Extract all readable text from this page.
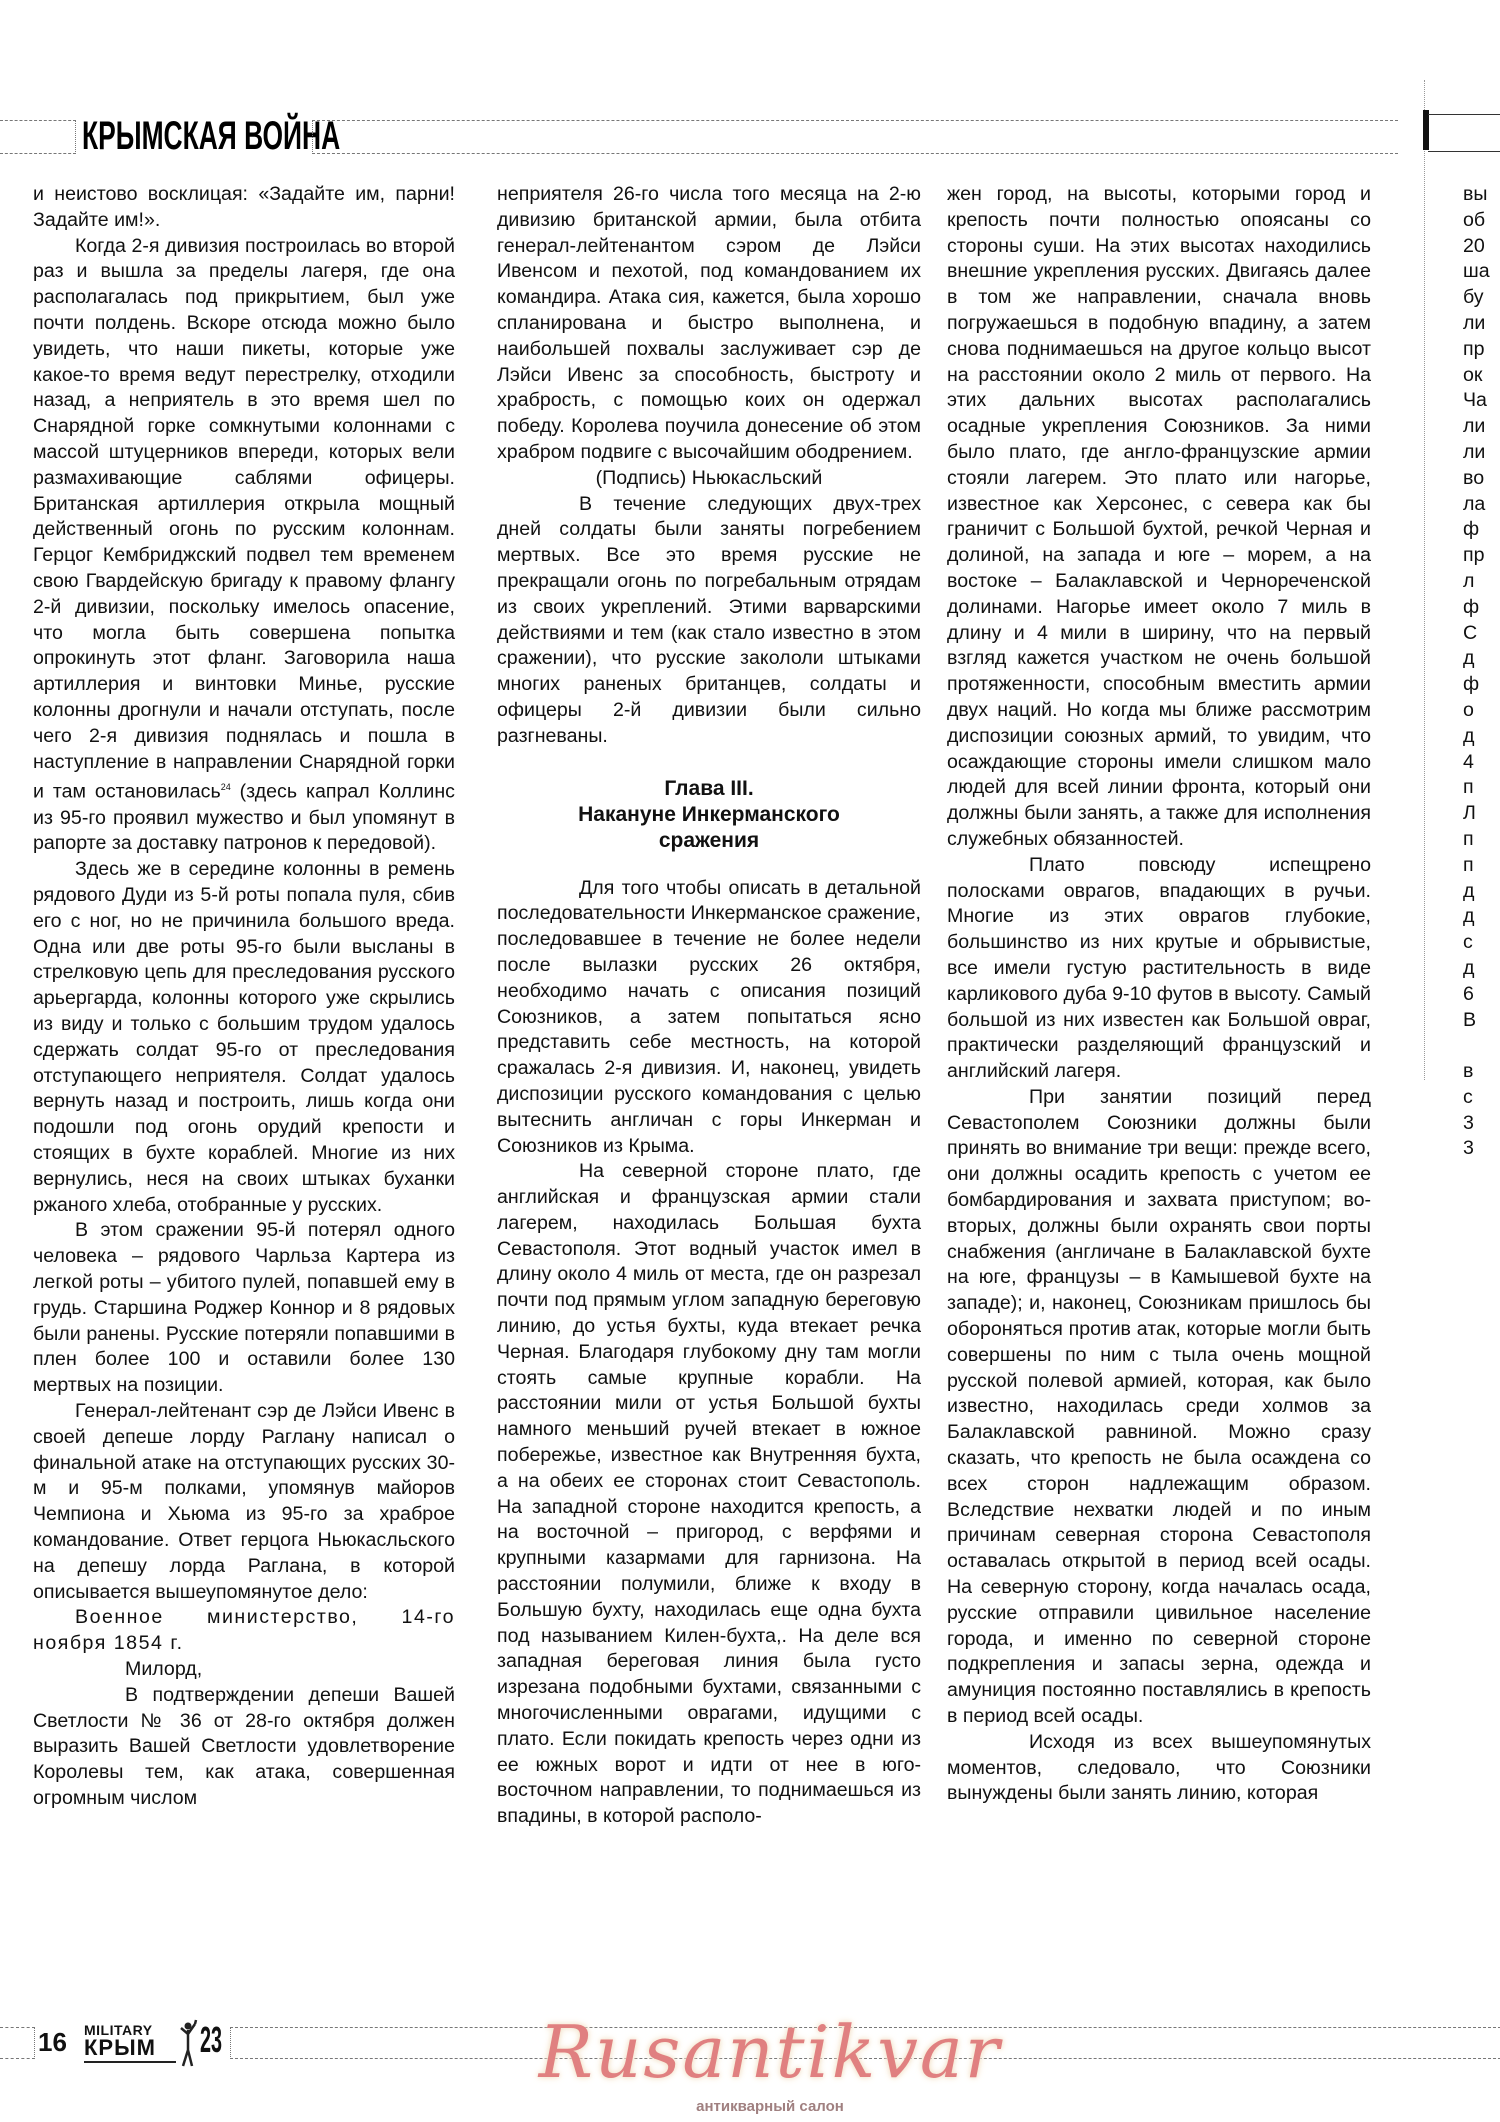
КРЫМСКАЯ ВОЙНА

и неистово восклицая: «Задайте им, парни! Задайте им!».

Когда 2-я дивизия построилась во второй раз и вышла за пределы лагеря, где она располагалась под прикрытием, был уже почти полдень. Вскоре отсюда можно было увидеть, что наши пикеты, которые уже какое-то время ведут перестрелку, отходили назад, а неприятель в это время шел по Снарядной горке сомкнутыми колоннами с массой штуцерников впереди, которых вели размахивающие саблями офицеры. Британская артиллерия открыла мощный действенный огонь по русским колоннам. Герцог Кембриджский подвел тем временем свою Гвардейскую бригаду к правому флангу 2-й дивизии, поскольку имелось опасение, что могла быть совершена попытка опрокинуть этот фланг. Заговорила наша артиллерия и винтовки Минье, русские колонны дрогнули и начали отступать, после чего 2-я дивизия поднялась и пошла в наступление в направлении Снарядной горки и там остановилась$^{24}$ (здесь капрал Коллинс из 95-го проявил мужество и был упомянут в рапорте за доставку патронов к передовой).

Здесь же в середине колонны в ремень рядового Дуди из 5-й роты попала пуля, сбив его с ног, но не причинила большого вреда. Одна или две роты 95-го были высланы в стрелковую цепь для преследования русского арьергарда, колонны которого уже скрылись из виду и только с большим трудом удалось сдержать солдат 95-го от преследования отступающего неприятеля. Солдат удалось вернуть назад и построить, лишь когда они подошли под огонь орудий крепости и стоящих в бухте кораблей. Многие из них вернулись, неся на своих штыках буханки ржаного хлеба, отобранные у русских.

В этом сражении 95-й потерял одного человека – рядового Чарльза Картера из легкой роты – убитого пулей, попавшей ему в грудь. Старшина Роджер Коннор и 8 рядовых были ранены. Русские потеряли попавшими в плен более 100 и оставили более 130 мертвых на позиции.

Генерал-лейтенант сэр де Лэйси Ивенс в своей депеше лорду Раглану написал о финальной атаке на отступающих русских 30-м и 95-м полками, упомянув майоров Чемпиона и Хьюма из 95-го за храброе командование. Ответ герцога Ньюкасльского на депешу лорда Раглана, в которой описывается вышеупомянутое дело:

Военное министерство, 14-го ноября 1854 г.

Милорд,

В подтверждении депеши Вашей Светлости № 36 от 28-го октября должен выразить Вашей Светлости удовлетворение Королевы тем, как атака, совершенная огромным числом

неприятеля 26-го числа того месяца на 2-ю дивизию британской армии, была отбита генерал-лейтенантом сэром де Лэйси Ивенсом и пехотой, под командованием их командира. Атака сия, кажется, была хорошо спланирована и быстро выполнена, и наибольшей похвалы заслуживает сэр де Лэйси Ивенс за способность, быстроту и храбрость, с помощью коих он одержал победу. Королева поучила донесение об этом храбром подвиге с высочайшим ободрением.

(Подпись) Ньюкасльский

В течение следующих двух-трех дней солдаты были заняты погребением мертвых. Все это время русские не прекращали огонь по погребальным отрядам из своих укреплений. Этими варварскими действиями и тем (как стало известно в этом сражении), что русские закололи штыками многих раненых британцев, солдаты и офицеры 2-й дивизии были сильно разгневаны.

Глава III.
Накануне Инкерманского
сражения

Для того чтобы описать в детальной последовательности Инкерманское сражение, последовавшее в течение не более недели после вылазки русских 26 октября, необходимо начать с описания позиций Союзников, а затем попытаться ясно представить себе местность, на которой сражалась 2-я дивизия. И, наконец, увидеть диспозиции русского командования с целью вытеснить англичан с горы Инкерман и Союзников из Крыма.

На северной стороне плато, где английская и французская армии стали лагерем, находилась Большая бухта Севастополя. Этот водный участок имел в длину около 4 миль от места, где он разрезал почти под прямым углом западную береговую линию, до устья бухты, куда втекает речка Черная. Благодаря глубокому дну там могли стоять самые крупные корабли. На расстоянии мили от устья Большой бухты намного меньший ручей втекает в южное побережье, известное как Внутренняя бухта, а на обеих ее сторонах стоит Севастополь. На западной стороне находится крепость, а на восточной – пригород, с верфями и крупными казармами для гарнизона. На расстоянии полумили, ближе к входу в Большую бухту, находилась еще одна бухта под называнием Килен-бухта,. На деле вся западная береговая линия была густо изрезана подобными бухтами, связанными с многочисленными оврагами, идущими с плато. Если покидать крепость через одни из ее южных ворот и идти от нее в юго-восточном направлении, то поднимаешься из впадины, в которой располо-

жен город, на высоты, которыми город и крепость почти полностью опоясаны со стороны суши. На этих высотах находились внешние укрепления русских. Двигаясь далее в том же направлении, сначала вновь погружаешься в подобную впадину, а затем снова поднимаешься на другое кольцо высот на расстоянии около 2 миль от первого. На этих дальних высотах располагались осадные укрепления Союзников. За ними было плато, где англо-французские армии стояли лагерем. Это плато или нагорье, известное как Херсонес, с севера как бы граничит с Большой бухтой, речкой Черная и долиной, на запада и юге – морем, а на востоке – Балаклавской и Чернореченской долинами. Нагорье имеет около 7 миль в длину и 4 мили в ширину, что на первый взгляд кажется участком не очень большой протяженности, способным вместить армии двух наций. Но когда мы ближе рассмотрим диспозиции союзных армий, то увидим, что осаждающие стороны имели слишком мало людей для всей линии фронта, который они должны были занять, а также для исполнения служебных обязанностей.

Плато повсюду испещрено полосками оврагов, впадающих в ручьи. Многие из этих оврагов глубокие, большинство из них крутые и обрывистые, все имели густую растительность в виде карликового дуба 9-10 футов в высоту. Самый большой из них известен как Большой овраг, практически разделяющий французский и английский лагеря.

При занятии позиций перед Севастополем Союзники должны были принять во внимание три вещи: прежде всего, они должны осадить крепость с учетом ее бомбардирования и захвата приступом; во-вторых, должны были охранять свои порты снабжения (англичане в Балаклавской бухте на юге, французы – в Камышевой бухте на западе); и, наконец, Союзникам пришлось бы обороняться против атак, которые могли быть совершены по ним с тыла очень мощной русской полевой армией, которая, как было известно, находилась среди холмов за Балаклавской равниной. Можно сразу сказать, что крепость не была осаждена со всех сторон надлежащим образом. Вследствие нехватки людей и по иным причинам северная сторона Севастополя оставалась открытой в период всей осады. На северную сторону, когда началась осада, русские отправили цивильное население города, и именно по северной стороне подкрепления и запасы зерна, одежда и амуниция постоянно поставлялись в крепость в период всей осады.

Исходя из всех вышеупомянутых моментов, следовало, что Союзники вынуждены были занять линию, которая

вы
об
20
ша
бу
ли
пр
ок
Ча
ли
ли
во
ла
ф
пр
л
ф
С
д
ф
о
д
4
п
Л
п
п
д
д
с
д
6
В
в
с
3
3
16 MILITARY
КРЫМ	23	Rusantikvar
антикварный салон
